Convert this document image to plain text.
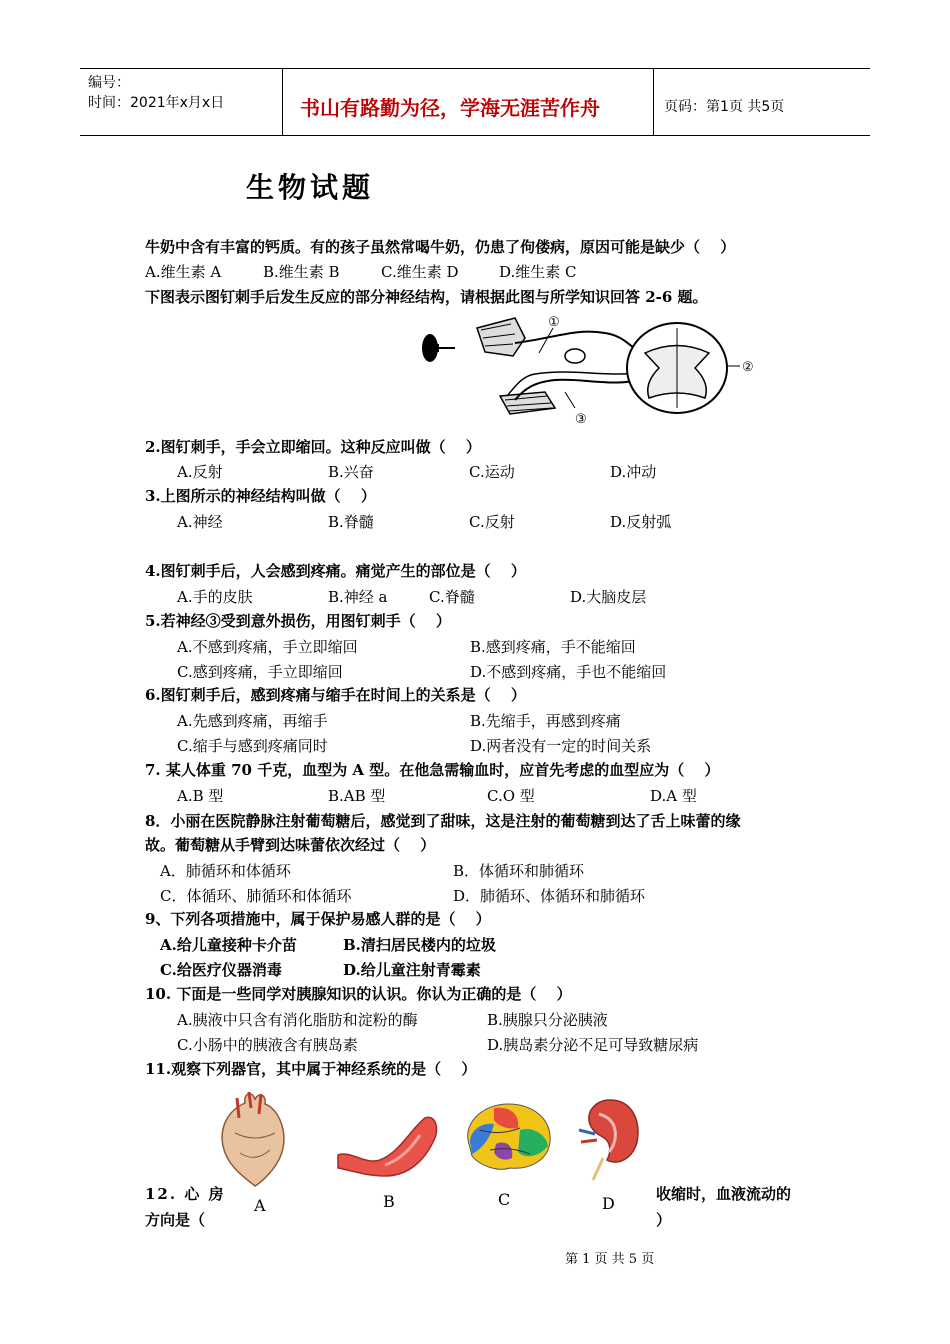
编号：
时间：2021年x月x日	书山有路勤为径，学海无涯苦作舟	页码：第1页 共5页
生物试题
牛奶中含有丰富的钙质。有的孩子虽然常喝牛奶，仍患了佝偻病，原因可能是缺少（　 ）
A.维生素 A	B.维生素 B	C.维生素 D	D.维生素 C
下图表示图钉刺手后发生反应的部分神经结构，请根据此图与所学知识回答 2-6 题。
①
②
③
2.图钉刺手，手会立即缩回。这种反应叫做（　 ）
A.反射	B.兴奋	C.运动	D.冲动
3.上图所示的神经结构叫做（　 ）
A.神经	B.脊髓	C.反射	D.反射弧
4.图钉刺手后，人会感到疼痛。痛觉产生的部位是（　 ）
A.手的皮肤	B.神经 a	C.脊髓	D.大脑皮层
5.若神经③受到意外损伤，用图钉刺手（　 ）
A.不感到疼痛，手立即缩回	B.感到疼痛，手不能缩回
C.感到疼痛，手立即缩回	D.不感到疼痛，手也不能缩回
6.图钉刺手后，感到疼痛与缩手在时间上的关系是（　 ）
A.先感到疼痛，再缩手	B.先缩手，再感到疼痛
C.缩手与感到疼痛同时	D.两者没有一定的时间关系
7. 某人体重 70 千克，血型为 A 型。在他急需输血时，应首先考虑的血型应为（　 ）
A.B 型	B.AB 型	C.O 型	D.A 型
8．小丽在医院静脉注射葡萄糖后，感觉到了甜味，这是注射的葡萄糖到达了舌上味蕾的缘
故。葡萄糖从手臂到达味蕾依次经过（　 ）
A．肺循环和体循环	B．体循环和肺循环
C．体循环、肺循环和体循环	D．肺循环、体循环和肺循环
9、下列各项措施中，属于保护易感人群的是（　 ）
A.给儿童接种卡介苗	B.清扫居民楼内的垃圾
C.给医疗仪器消毒	D.给儿童注射青霉素
10. 下面是一些同学对胰腺知识的认识。你认为正确的是（　 ）
A.胰液中只含有消化脂肪和淀粉的酶	B.胰腺只分泌胰液
C.小肠中的胰液含有胰岛素	D.胰岛素分泌不足可导致糖尿病
11.观察下列器官，其中属于神经系统的是（　 ）
A	B	C	D
12. 心 房
方向是（
收缩时，血液流动的
）
第 1 页 共 5 页
